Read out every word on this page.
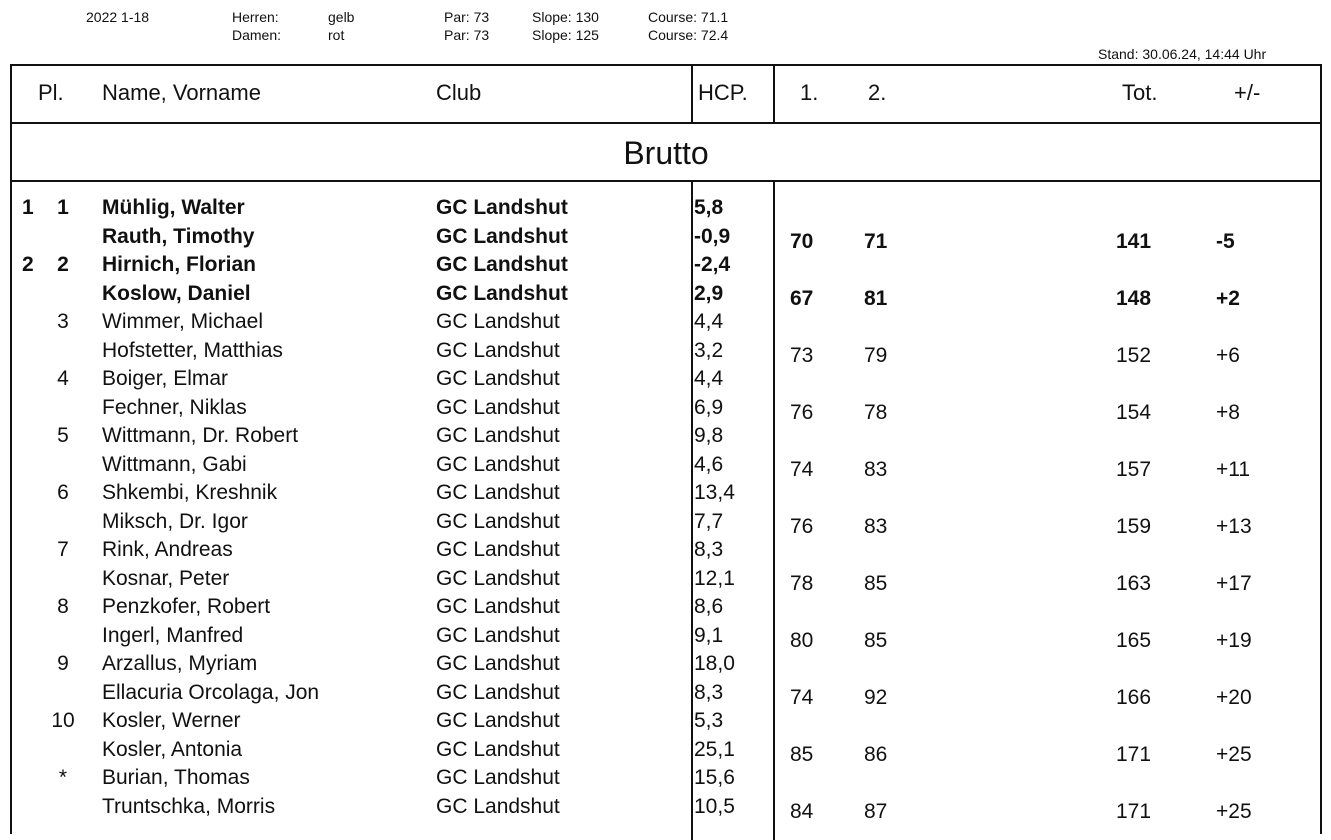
2022 1-18	Herren:	gelb
Damen:	rot
Par: 73	Slope: 130	Course: 71.1
Par: 73	Slope: 125	Course: 72.4
Stand: 30.06.24, 14:44 Uhr
Pl. Name, Vorname	Club	HCP. 1. 2.	Tot.	+/-
Brutto
1	1	Mühlig, Walter	GC Landshut	5,8
Rauth, Timothy	GC Landshut	-0,9	70 71	141	-5
2	2	Hirnich, Florian	GC Landshut	-2,4
Koslow, Daniel	GC Landshut	2,9	67 81	148	+2
3	Wimmer, Michael	GC Landshut	4,4
Hofstetter, Matthias	GC Landshut	3,2	73 79	152	+6
4	Boiger, Elmar	GC Landshut	4,4
Fechner, Niklas	GC Landshut	6,9	76 78	154	+8
5	Wittmann, Dr. Robert	GC Landshut	9,8
Wittmann, Gabi	GC Landshut	4,6	74 83	157	+11
6	Shkembi, Kreshnik	GC Landshut	13,4
Miksch, Dr. Igor	GC Landshut	7,7	76 83	159	+13
7	Rink, Andreas	GC Landshut	8,3
Kosnar, Peter	GC Landshut	12,1	78 85	163	+17
8	Penzkofer, Robert	GC Landshut	8,6
Ingerl, Manfred	GC Landshut	9,1	80 85	165	+19
9	Arzallus, Myriam	GC Landshut	18,0
Ellacuria Orcolaga, Jon	GC Landshut	8,3	74 92	166	+20
10 Kosler, Werner	GC Landshut	5,3
Kosler, Antonia	GC Landshut	25,1	85 86	171	+25
*	Burian, Thomas	GC Landshut	15,6
Truntschka, Morris	GC Landshut	10,5	84 87	171	+25
